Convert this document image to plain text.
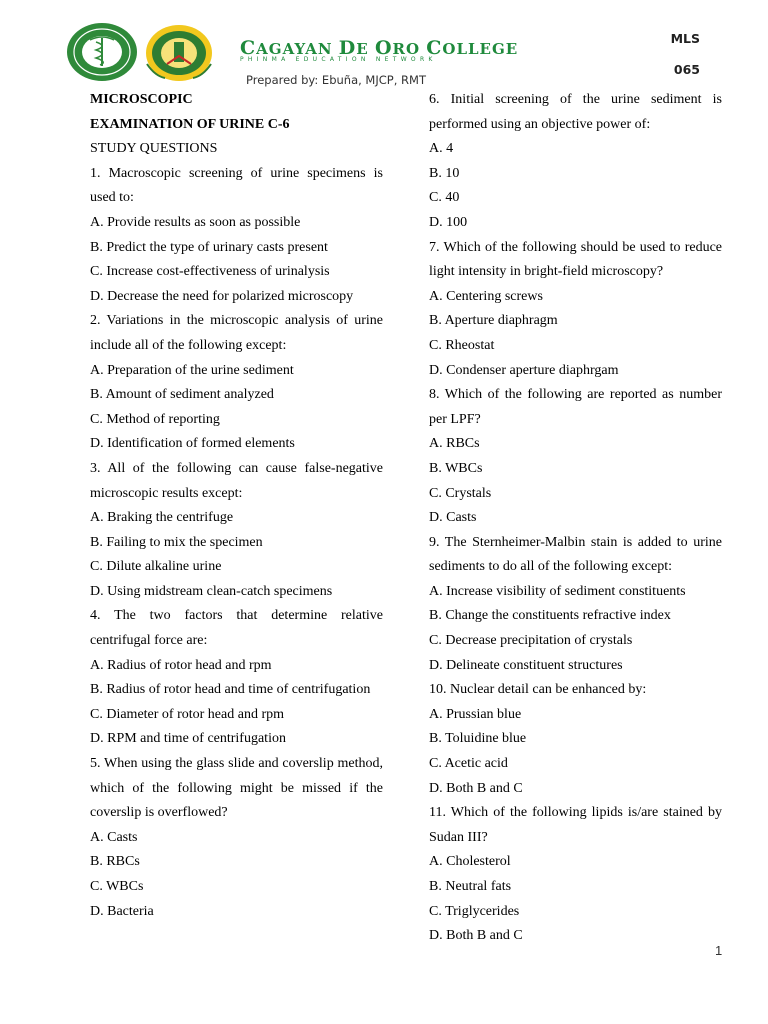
CAGAYAN DE ORO COLLEGE
PHINMA EDUCATION NETWORK
Prepared by: Ebuña, MJCP, RMT
MLS
065

MICROSCOPIC

EXAMINATION OF URINE C-6

STUDY QUESTIONS

1. Macroscopic screening of urine specimens is used to:

A. Provide results as soon as possible

B. Predict the type of urinary casts present

C. Increase cost-effectiveness of urinalysis

D. Decrease the need for polarized microscopy

2. Variations in the microscopic analysis of urine include all of the following except:

A. Preparation of the urine sediment

B. Amount of sediment analyzed

C. Method of reporting

D. Identification of formed elements

3. All of the following can cause false-negative microscopic results except:

A. Braking the centrifuge

B. Failing to mix the specimen

C. Dilute alkaline urine

D. Using midstream clean-catch specimens

4. The two factors that determine relative centrifugal force are:

A. Radius of rotor head and rpm

B. Radius of rotor head and time of centrifugation

C. Diameter of rotor head and rpm

D. RPM and time of centrifugation

5. When using the glass slide and coverslip method, which of the following might be missed if the coverslip is overflowed?

A. Casts

B. RBCs

C. WBCs

D. Bacteria

6. Initial screening of the urine sediment is performed using an objective power of:

A. 4

B. 10

C. 40

D. 100

7. Which of the following should be used to reduce light intensity in bright-field microscopy?

A. Centering screws

B. Aperture diaphragm

C. Rheostat

D. Condenser aperture diaphrgam

8. Which of the following are reported as number per LPF?

A. RBCs

B. WBCs

C. Crystals

D. Casts

9. The Sternheimer-Malbin stain is added to urine sediments to do all of the following except:

A. Increase visibility of sediment constituents

B. Change the constituents refractive index

C. Decrease precipitation of crystals

D. Delineate constituent structures

10. Nuclear detail can be enhanced by:

A. Prussian blue

B. Toluidine blue

C. Acetic acid

D. Both B and C

11. Which of the following lipids is/are stained by Sudan III?

A. Cholesterol

B. Neutral fats

C. Triglycerides

D. Both B and C

1
